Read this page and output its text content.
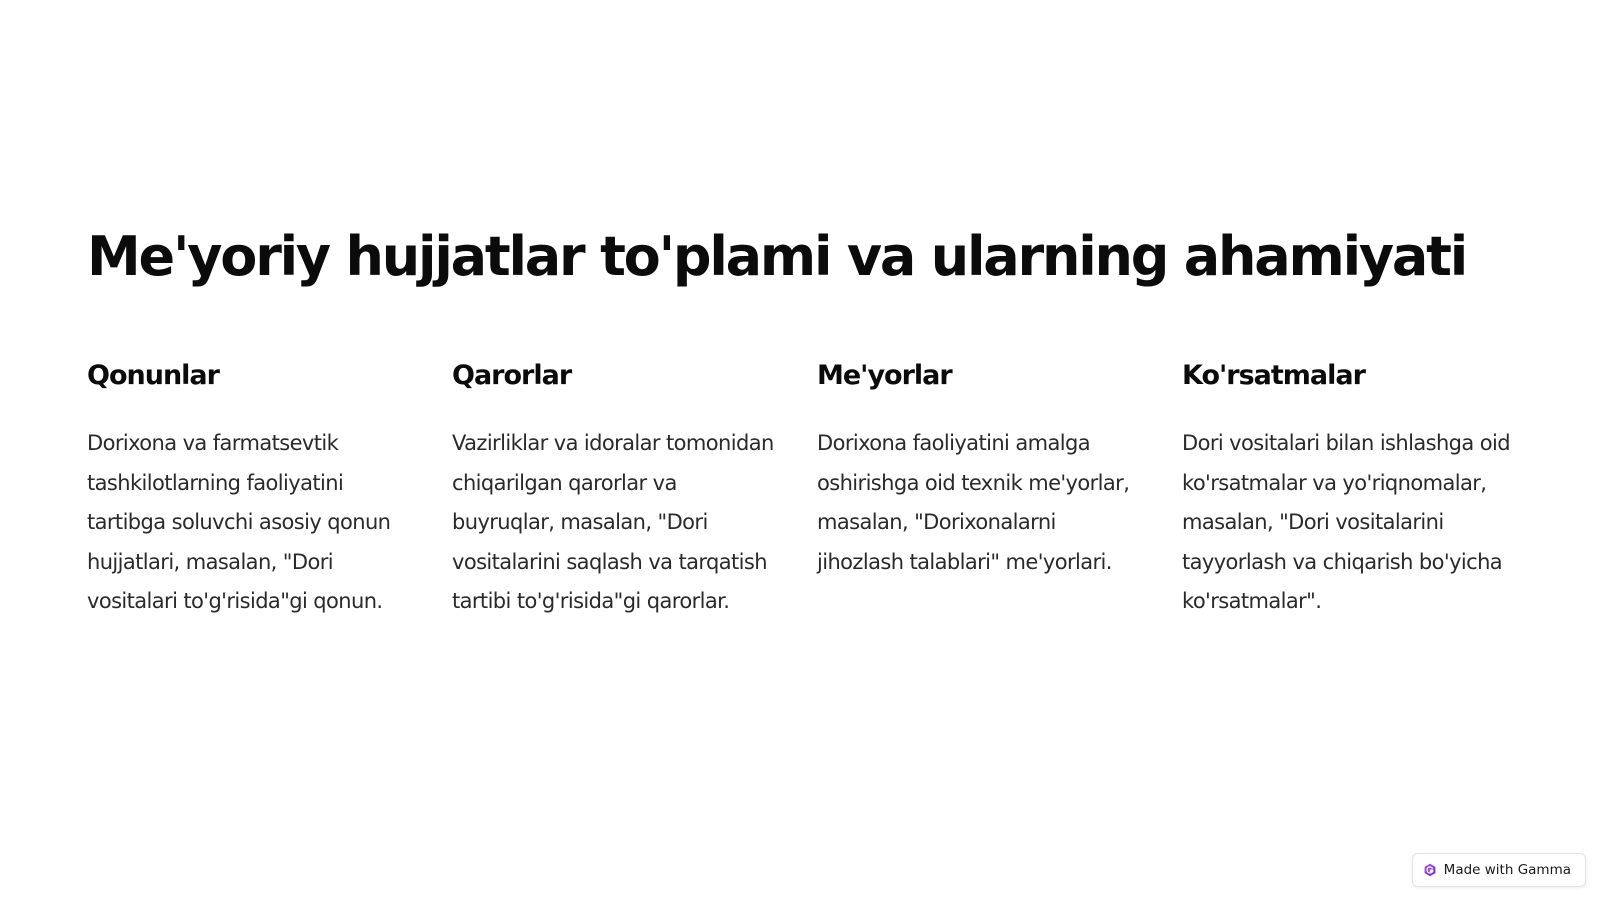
Me'yoriy hujjatlar to'plami va ularning ahamiyati
Qonunlar

Dorixona va farmatsevtik tashkilotlarning faoliyatini tartibga soluvchi asosiy qonun hujjatlari, masalan, "Dori vositalari to'g'risida"gi qonun.

Qarorlar

Vazirliklar va idoralar tomonidan chiqarilgan qarorlar va buyruqlar, masalan, "Dori vositalarini saqlash va tarqatish tartibi to'g'risida"gi qarorlar.

Me'yorlar

Dorixona faoliyatini amalga oshirishga oid texnik me'yorlar, masalan, "Dorixonalarni jihozlash talablari" me'yorlari.

Ko'rsatmalar

Dori vositalari bilan ishlashga oid ko'rsatmalar va yo'riqnomalar, masalan, "Dori vositalarini tayyorlash va chiqarish bo'yicha ko'rsatmalar".

Made with Gamma
